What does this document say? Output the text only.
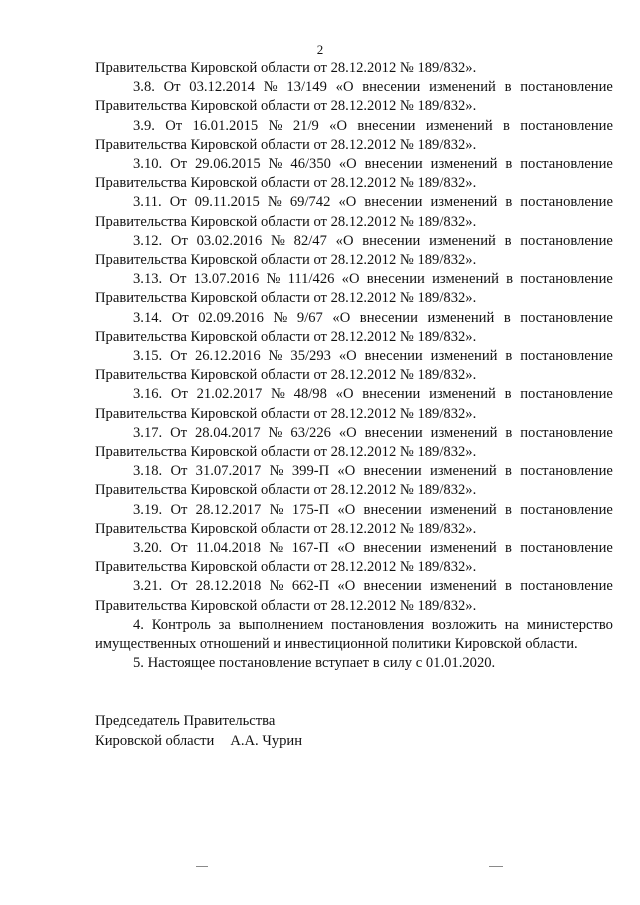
2

Правительства Кировской области от 28.12.2012 № 189/832».

3.8. От 03.12.2014 № 13/149 «О внесении изменений в постановление

Правительства Кировской области от 28.12.2012 № 189/832».

3.9. От 16.01.2015 № 21/9 «О внесении изменений в постановление

Правительства Кировской области от 28.12.2012 № 189/832».

3.10. От 29.06.2015 № 46/350 «О внесении изменений в постановление

Правительства Кировской области от 28.12.2012 № 189/832».

3.11. От 09.11.2015 № 69/742 «О внесении изменений в постановление

Правительства Кировской области от 28.12.2012 № 189/832».

3.12. От 03.02.2016 № 82/47 «О внесении изменений в постановление

Правительства Кировской области от 28.12.2012 № 189/832».

3.13. От 13.07.2016 № 111/426 «О внесении изменений в постановление

Правительства Кировской области от 28.12.2012 № 189/832».

3.14. От 02.09.2016 № 9/67 «О внесении изменений в постановление

Правительства Кировской области от 28.12.2012 № 189/832».

3.15. От 26.12.2016 № 35/293 «О внесении изменений в постановление

Правительства Кировской области от 28.12.2012 № 189/832».

3.16. От 21.02.2017 № 48/98 «О внесении изменений в постановление

Правительства Кировской области от 28.12.2012 № 189/832».

3.17. От 28.04.2017 № 63/226 «О внесении изменений в постановление

Правительства Кировской области от 28.12.2012 № 189/832».

3.18. От 31.07.2017 № 399-П «О внесении изменений в постановление

Правительства Кировской области от 28.12.2012 № 189/832».

3.19. От 28.12.2017 № 175-П «О внесении изменений в постановление

Правительства Кировской области от 28.12.2012 № 189/832».

3.20. От 11.04.2018 № 167-П «О внесении изменений в постановление

Правительства Кировской области от 28.12.2012 № 189/832».

3.21. От 28.12.2018 № 662-П «О внесении изменений в постановление

Правительства Кировской области от 28.12.2012 № 189/832».

4. Контроль за выполнением постановления возложить на министерство

имущественных отношений и инвестиционной политики Кировской области.

5. Настоящее постановление вступает в силу с 01.01.2020.

Председатель Правительства
Кировской области А.А. Чурин
